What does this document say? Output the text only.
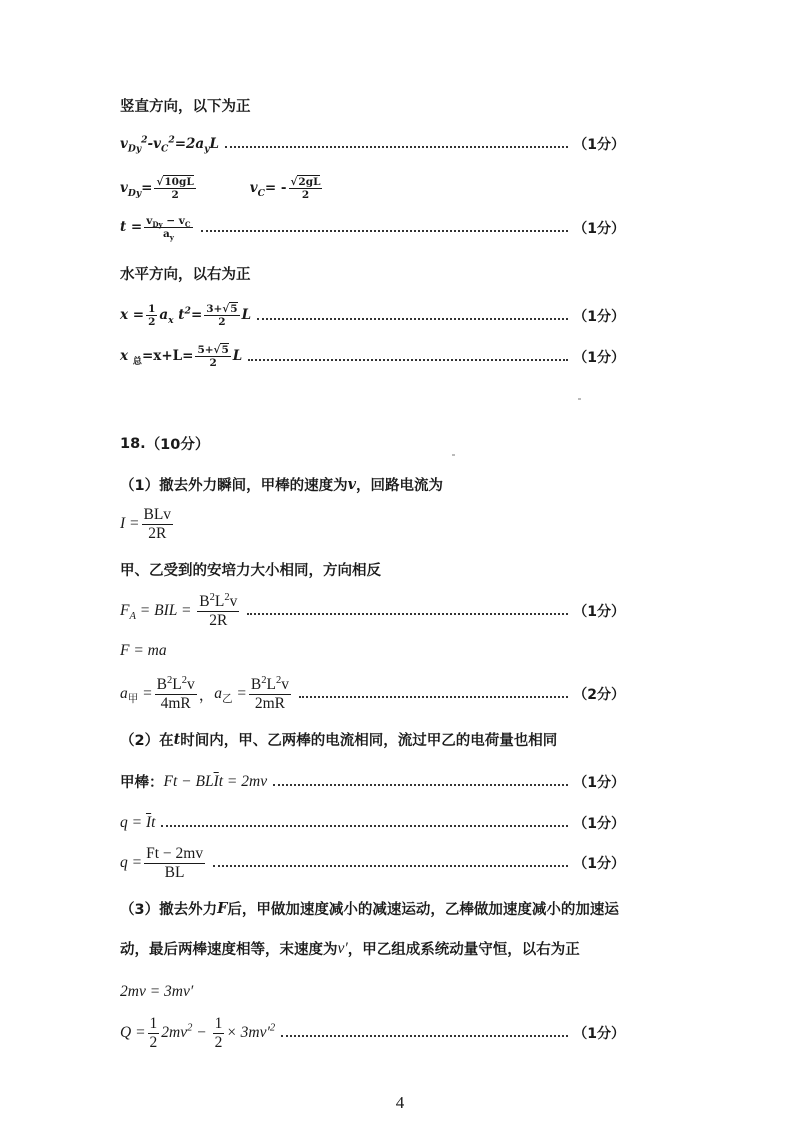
竖直方向，以下为正
$v_{Dy}^2-v_C^2=2a_yL$	（1分）
$v_{Dy}= \frac{√10gL}{2}$	$v_C= - \frac{√2gL}{2}$
$t = \frac{v_{Dy} - v_C}{a_y}$	（1分）
水平方向，以右为正
$x = \frac{1}{2} a_x$ $t^2= \frac{3+√5}{2}$ L	（1分）
x $_总=x+L= \frac{5+√5}{2}$ L	（1分）
18. （10分）
（1）撤去外力瞬间，甲棒的速度为 v ，回路电流为
$I = \frac{\text{BLv}}{2R}$
甲、乙受到的安培力大小相同，方向相反
$F_A$ = BIL = $\frac{B^2L^2v}{2R}$	（1分）
F = ma
$a_甲 = \frac{B^2L^2v}{4mR}$ ， $a_乙 = \frac{B^2L^2v}{2mR}$	（2分）
（2）在 t 时间内，甲、乙两棒的电流相同，流过甲乙的电荷量也相同
甲棒： $Ft - BL\overline{I}t = 2mv$	（1分）
$q = \overline{I}t$	（1分）
$q = \frac{Ft - 2mv}{BL}$	（1分）
（3）撤去外力 F 后，甲做加速度减小的减速运动，乙棒做加速度减小的加速运
动，最后两棒速度相等，末速度为 v′ ，甲乙组成系统动量守恒，以右为正
2mv = 3mv′
$Q = \frac{1}{2} 2mv^2 - \frac{1}{2} \times 3mv'^2$	（1分）
4
